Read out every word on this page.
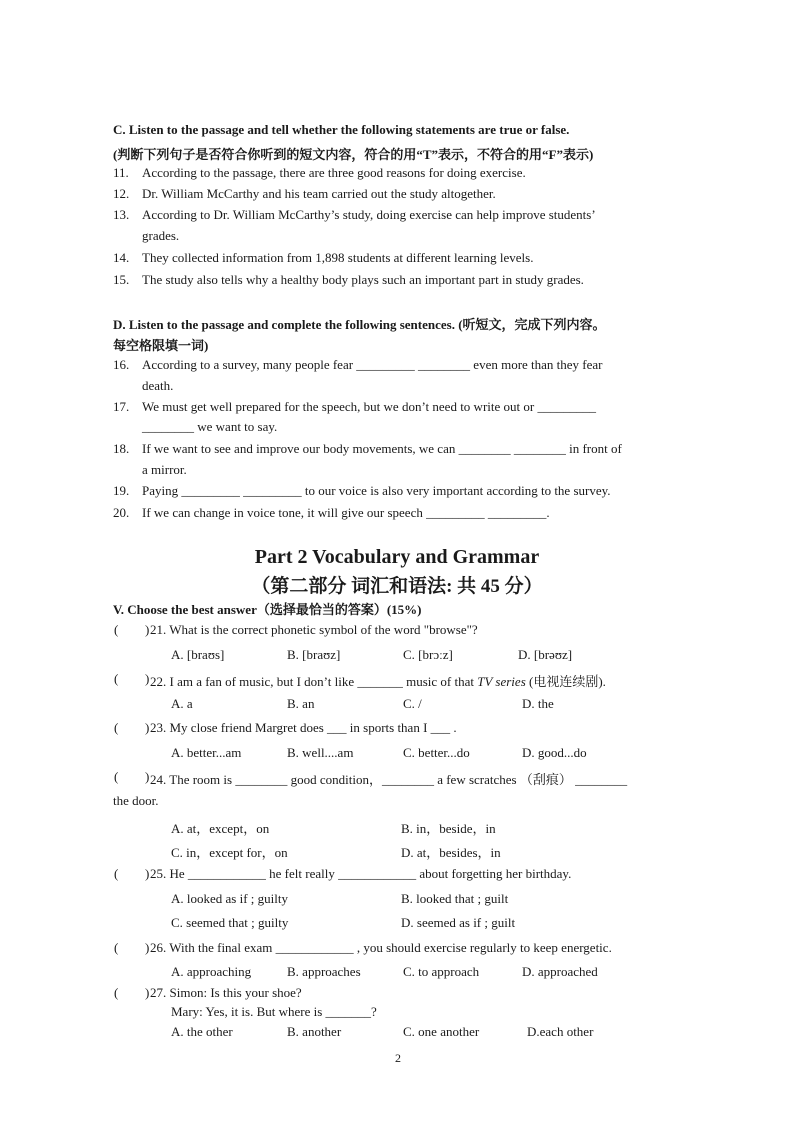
C. Listen to the passage and tell whether the following statements are true or false.
(判断下列句子是否符合你听到的短文内容，符合的用“T”表示，不符合的用“F”表示)
11. According to the passage, there are three good reasons for doing exercise.
12. Dr. William McCarthy and his team carried out the study altogether.
13. According to Dr. William McCarthy’s study, doing exercise can help improve students’
grades.
14. They collected information from 1,898 students at different learning levels.
15. The study also tells why a healthy body plays such an important part in study grades.
D. Listen to the passage and complete the following sentences. (听短文，完成下列内容。
每空格限填一词)
16. According to a survey, many people fear _________ ________ even more than they fear
death.
17. We must get well prepared for the speech, but we don’t need to write out or _________
________ we want to say.
18. If we want to see and improve our body movements, we can ________ ________ in front of
a mirror.
19. Paying _________ _________ to our voice is also very important according to the survey.
20. If we can change in voice tone, it will give our speech _________ _________.
Part 2 Vocabulary and Grammar
（第二部分 词汇和语法: 共 45 分）
V. Choose the best answer（选择最恰当的答案）(15%)
( ) 21. What is the correct phonetic symbol of the word "browse"?
A. [braʊs]	B. [braʊz]	C. [brɔːz]	D. [brəʊz]
( ) 22. I am a fan of music, but I don’t like _______ music of that TV series (电视连续剧).
A. a	B. an	C. /	D. the
( ) 23. My close friend Margret does ___ in sports than I ___ .
A. better...am	B. well....am	C. better...do	D. good...do
( ) 24. The room is ________ good condition，________ a few scratches （刮痕） ________
the door.
A. at，except，on	B. in，beside，in
C. in，except for，on	D. at，besides，in
( ) 25. He ____________ he felt really ____________ about forgetting her birthday.
A. looked as if ; guilty	B. looked that ; guilt
C. seemed that ; guilty	D. seemed as if ; guilt
( ) 26. With the final exam ____________ , you should exercise regularly to keep energetic.
A. approaching	B. approaches	C. to approach	D. approached
( ) 27. Simon: Is this your shoe?
Mary: Yes, it is. But where is _______?
A. the other	B. another	C. one another	D.each other
2
